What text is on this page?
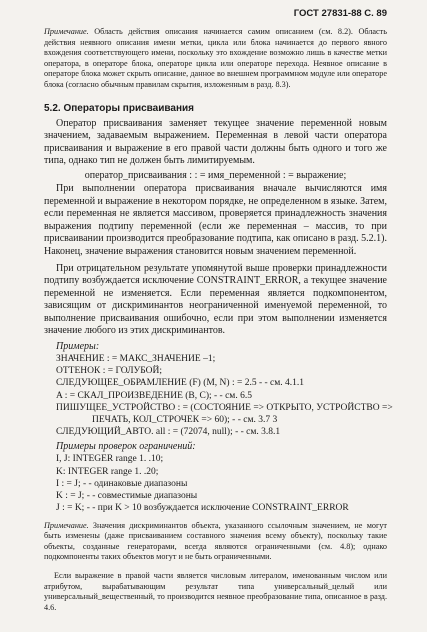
ГОСТ 27831-88 С. 89

Примечание. Область действия описания начинается самим описанием (см. 8.2). Область действия неявного описания имени метки, цикла или блока начинается до первого явного вхождения соответствующего имени, поскольку это вхождение возможно лишь в качестве метки оператора, в операторе блока, операторе цикла или операторе перехода. Неявное описание в операторе блока может скрыть описание, данное во внешнем программном модуле или операторе блока (согласно обычным правилам скрытия, изложенным в разд. 8.3).

5.2. Операторы присваивания

Оператор присваивания заменяет текущее значение переменной новым значением, задаваемым выражением. Переменная в левой части оператора присваивания и выражение в его правой части должны быть одного и того же типа, однако тип не должен быть лимитируемым.

оператор_присваивания : : = имя_переменной : = выражение;

При выполнении оператора присваивания вначале вычисляются имя переменной и выражение в некотором порядке, не определенном в языке. Затем, если переменная не является массивом, проверяется принадлежность значения выражения подтипу переменной (если же переменная – массив, то при присваивании производится преобразование подтипа, как описано в разд. 5.2.1). Наконец, значение выражения становится новым значением переменной.

При отрицательном результате упомянутой выше проверки принадлежности подтипу возбуждается исключение CONSTRAINT_ERROR, а текущее значение переменной не изменяется. Если переменная является подкомпонентом, зависящим от дискриминантов неограниченной именуемой переменной, то выполнение присваивания ошибочно, если при этом выполнении изменяется значение любого из этих дискриминантов.

Примеры:
ЗНАЧЕНИЕ : = МАКС_ЗНАЧЕНИЕ –1;
ОТТЕНОК : = ГОЛУБОЙ;
СЛЕДУЮЩЕЕ_ОБРАМЛЕНИЕ (F) (M, N) : = 2.5 - - см. 4.1.1
A : = СКАЛ_ПРОИЗВЕДЕНИЕ (B, C); - - см. 6.5
ПИШУЩЕЕ_УСТРОЙСТВО : = (СОСТОЯНИЕ => ОТКРЫТО, УСТРОЙСТВО =>
ПЕЧАТЬ, КОЛ_СТРОЧЕК => 60); - - см. 3.7 3
СЛЕДУЮЩИЙ_АВТО. all : = (72074, null); - - см. 3.8.1
Примеры проверок ограничений:
I, J: INTEGER range 1. .10;
K: INTEGER range 1. .20;
I : = J; - - одинаковые диапазоны
K : = J; - - совместимые диапазоны
J : = K; - - при K > 10 возбуждается исключение CONSTRAINT_ERROR

Примечание. Значения дискриминантов объекта, указанного ссылочным значением, не могут быть изменены (даже присваиванием составного значения всему объекту), поскольку такие объекты, созданные генераторами, всегда являются ограниченными (см. 4.8); однако подкомпоненты таких объектов могут и не быть ограниченными.

Если выражение в правой части является числовым литералом, именованным числом или атрибутом, вырабатывающим результат типа универсальный_целый или универсальный_вещественный, то производится неявное преобразование типа, описанное в разд. 4.6.
